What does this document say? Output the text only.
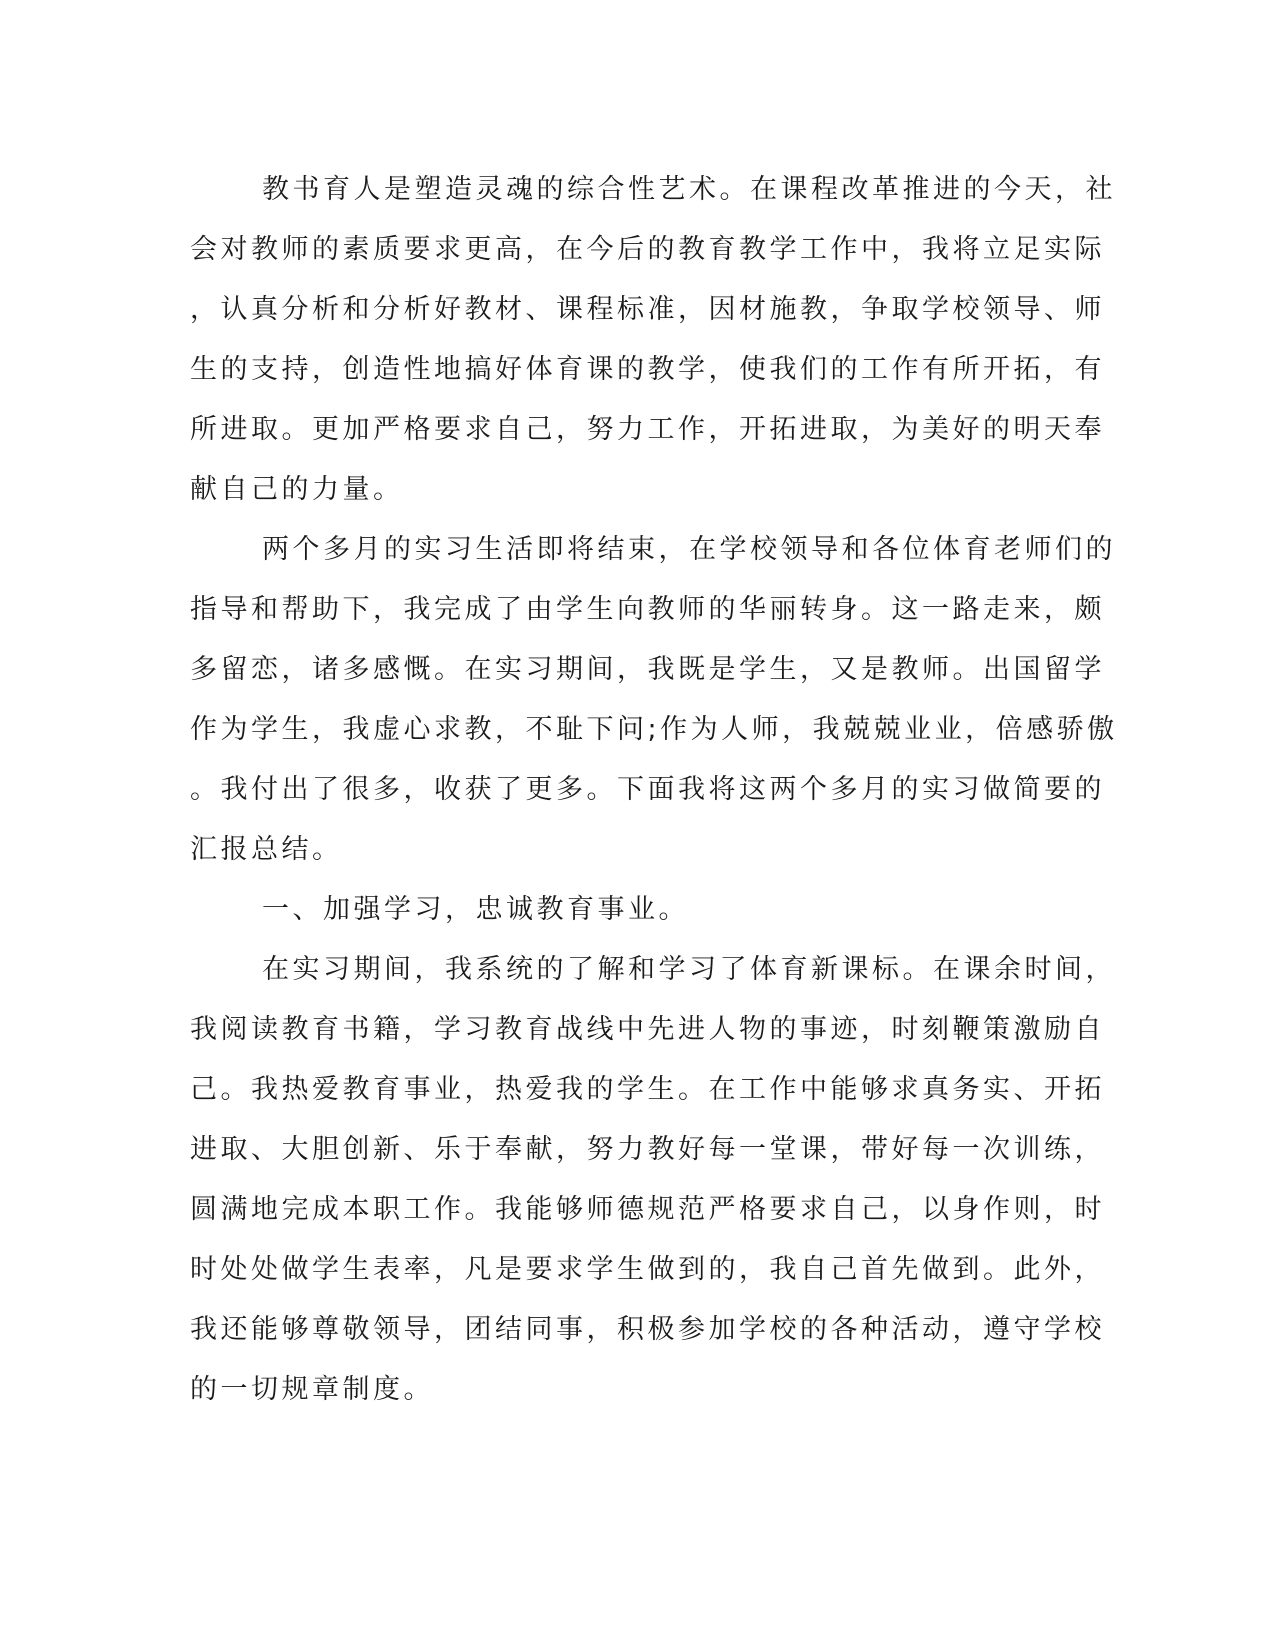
教书育人是塑造灵魂的综合性艺术。在课程改革推进的今天，社
会对教师的素质要求更高，在今后的教育教学工作中，我将立足实际
，认真分析和分析好教材、课程标准，因材施教，争取学校领导、师
生的支持，创造性地搞好体育课的教学，使我们的工作有所开拓，有
所进取。更加严格要求自己，努力工作，开拓进取，为美好的明天奉
献自己的力量。
两个多月的实习生活即将结束，在学校领导和各位体育老师们的
指导和帮助下，我完成了由学生向教师的华丽转身。这一路走来，颇
多留恋，诸多感慨。在实习期间，我既是学生，又是教师。出国留学
作为学生，我虚心求教，不耻下问;作为人师，我兢兢业业，倍感骄傲
。我付出了很多，收获了更多。下面我将这两个多月的实习做简要的
汇报总结。
一、加强学习，忠诚教育事业。
在实习期间，我系统的了解和学习了体育新课标。在课余时间，
我阅读教育书籍，学习教育战线中先进人物的事迹，时刻鞭策激励自
己。我热爱教育事业，热爱我的学生。在工作中能够求真务实、开拓
进取、大胆创新、乐于奉献，努力教好每一堂课，带好每一次训练，
圆满地完成本职工作。我能够师德规范严格要求自己，以身作则，时
时处处做学生表率，凡是要求学生做到的，我自己首先做到。此外，
我还能够尊敬领导，团结同事，积极参加学校的各种活动，遵守学校
的一切规章制度。
